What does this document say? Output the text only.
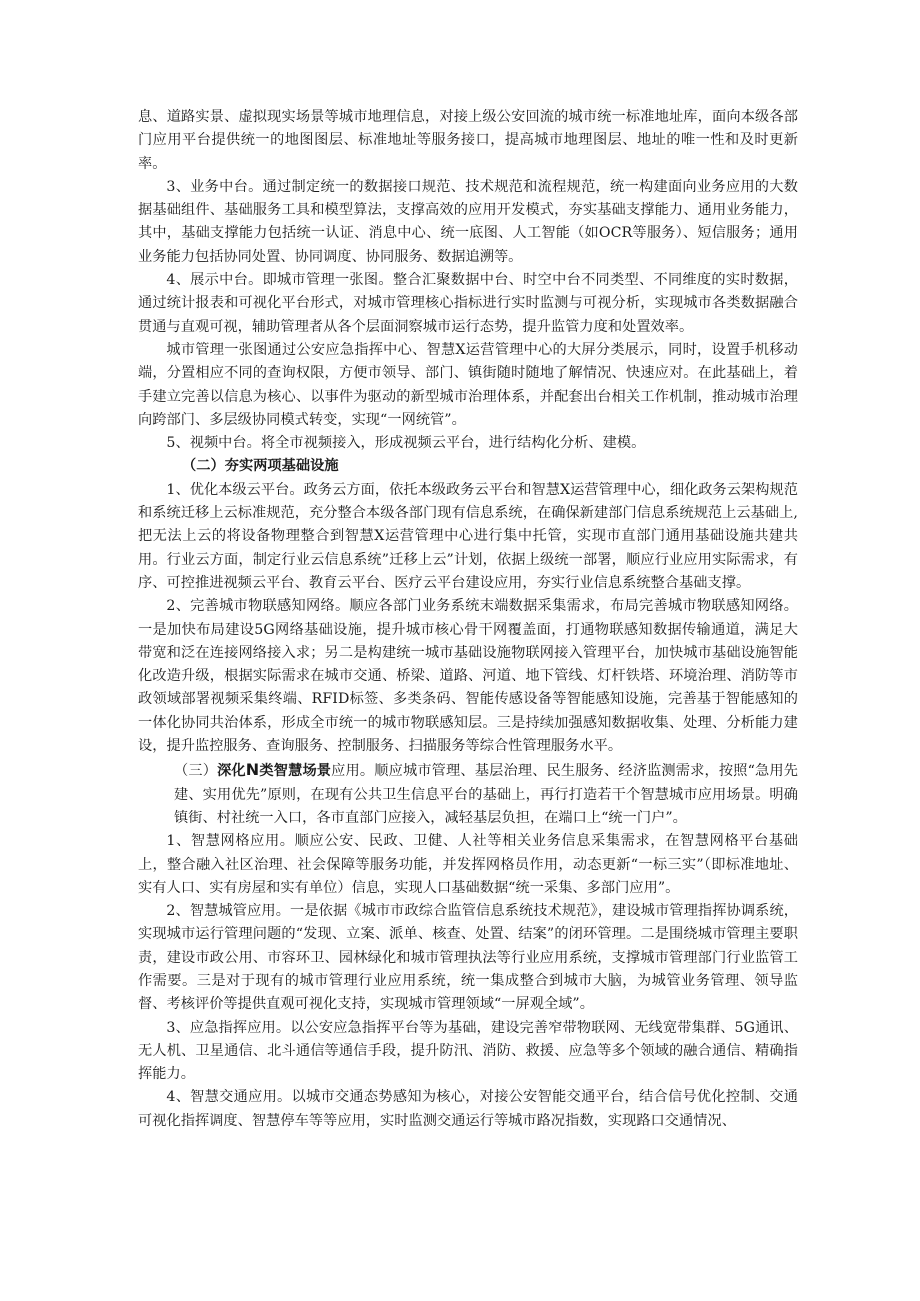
息、道路实景、虚拟现实场景等城市地理信息，对接上级公安回流的城市统一标准地址库，面向本级各部门应用平台提供统一的地图图层、标准地址等服务接口，提高城市地理图层、地址的唯一性和及时更新率。

3、业务中台。通过制定统一的数据接口规范、技术规范和流程规范，统一构建面向业务应用的大数据基础组件、基础服务工具和模型算法，支撑高效的应用开发模式，夯实基础支撑能力、通用业务能力，其中，基础支撑能力包括统一认证、消息中心、统一底图、人工智能（如OCR等服务）、短信服务；通用业务能力包括协同处置、协同调度、协同服务、数据追溯等。

4、展示中台。即城市管理一张图。整合汇聚数据中台、时空中台不同类型、不同维度的实时数据，通过统计报表和可视化平台形式，对城市管理核心指标进行实时监测与可视分析，实现城市各类数据融合贯通与直观可视，辅助管理者从各个层面洞察城市运行态势，提升监管力度和处置效率。

城市管理一张图通过公安应急指挥中心、智慧X运营管理中心的大屏分类展示，同时，设置手机移动端，分置相应不同的查询权限，方便市领导、部门、镇街随时随地了解情况、快速应对。在此基础上，着手建立完善以信息为核心、以事件为驱动的新型城市治理体系，并配套出台相关工作机制，推动城市治理向跨部门、多层级协同模式转变，实现“一网统管”。

5、视频中台。将全市视频接入，形成视频云平台，进行结构化分析、建模。

（二）夯实两项基础设施

1、优化本级云平台。政务云方面，依托本级政务云平台和智慧X运营管理中心，细化政务云架构规范和系统迁移上云标准规范，充分整合本级各部门现有信息系统，在确保新建部门信息系统规范上云基础上,把无法上云的将设备物理整合到智慧X运营管理中心进行集中托管，实现市直部门通用基础设施共建共用。行业云方面，制定行业云信息系统”迁移上云”计划，依据上级统一部署，顺应行业应用实际需求，有序、可控推进视频云平台、教育云平台、医疗云平台建设应用，夯实行业信息系统整合基础支撑。

2、完善城市物联感知网络。顺应各部门业务系统末端数据采集需求，布局完善城市物联感知网络。一是加快布局建设5G网络基础设施，提升城市核心骨干网覆盖面，打通物联感知数据传输通道，满足大带宽和泛在连接网络接入求；另二是构建统一城市基础设施物联网接入管理平台，加快城市基础设施智能化改造升级，根据实际需求在城市交通、桥梁、道路、河道、地下管线、灯杆铁塔、环境治理、消防等市政领域部署视频采集终端、RFID标签、多类条码、智能传感设备等智能感知设施，完善基于智能感知的一体化协同共治体系，形成全市统一的城市物联感知层。三是持续加强感知数据收集、处理、分析能力建设，提升监控服务、查询服务、控制服务、扫描服务等综合性管理服务水平。

（三）深化N类智慧场景应用。顺应城市管理、基层治理、民生服务、经济监测需求，按照“急用先建、实用优先”原则，在现有公共卫生信息平台的基础上，再行打造若干个智慧城市应用场景。明确镇街、村社统一入口，各市直部门应接入，减轻基层负担，在端口上“统一门户”。

1、智慧网格应用。顺应公安、民政、卫健、人社等相关业务信息采集需求，在智慧网格平台基础上，整合融入社区治理、社会保障等服务功能，并发挥网格员作用，动态更新“一标三实”（即标准地址、实有人口、实有房屋和实有单位）信息，实现人口基础数据“统一采集、多部门应用”。

2、智慧城管应用。一是依据《城市市政综合监管信息系统技术规范》，建设城市管理指挥协调系统，实现城市运行管理问题的“发现、立案、派单、核查、处置、结案”的闭环管理。二是围绕城市管理主要职责，建设市政公用、市容环卫、园林绿化和城市管理执法等行业应用系统，支撑城市管理部门行业监管工作需要。三是对于现有的城市管理行业应用系统，统一集成整合到城市大脑，为城管业务管理、领导监督、考核评价等提供直观可视化支持，实现城市管理领域“一屏观全域”。

3、应急指挥应用。以公安应急指挥平台等为基础，建设完善窄带物联网、无线宽带集群、5G通讯、无人机、卫星通信、北斗通信等通信手段，提升防汛、消防、救援、应急等多个领域的融合通信、精确指挥能力。

4、智慧交通应用。以城市交通态势感知为核心，对接公安智能交通平台，结合信号优化控制、交通可视化指挥调度、智慧停车等等应用，实时监测交通运行等城市路况指数，实现路口交通情况、
